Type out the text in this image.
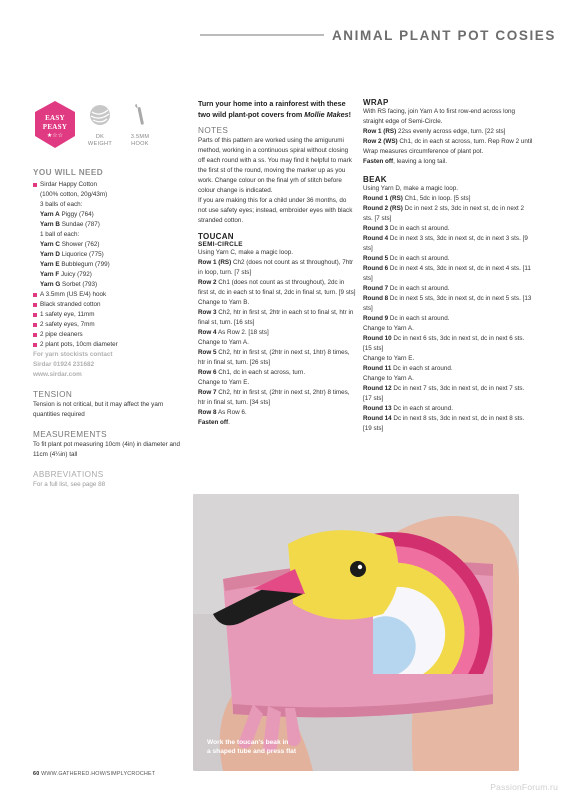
ANIMAL PLANT POT COSIES
EASY
PEASY
★☆☆	DK
WEIGHT
3.5MM
HOOK
YOU WILL NEED
Sirdar Happy Cotton
(100% cotton, 20g/43m)
3 balls of each:
Yarn A Piggy (764)
Yarn B Sundae (787)
1 ball of each:
Yarn C Shower (762)
Yarn D Liquorice (775)
Yarn E Bubblegum (799)
Yarn F Juicy (792)
Yarn G Sorbet (793)
A 3.5mm (US E/4) hook
Black stranded cotton
1 safety eye, 11mm
2 safety eyes, 7mm
2 pipe cleaners
2 plant pots, 10cm diameter
For yarn stockists contact
Sirdar 01924 231682
www.sirdar.com
TENSION

Tension is not critical, but it may affect the yarn quantities required

MEASUREMENTS

To fit plant pot measuring 10cm (4in) in diameter and 11cm (4¼in) tall

ABBREVIATIONS

For a full list, see page 88

Turn your home into a rainforest with these two wild plant-pot covers from Mollie Makes!

NOTES

Parts of this pattern are worked using the amigurumi method, working in a continuous spiral without closing off each round with a ss. You may find it helpful to mark the first st of the round, moving the marker up as you work. Change colour on the final yrh of stitch before colour change is indicated.

If you are making this for a child under 36 months, do not use safety eyes; instead, embroider eyes with black stranded cotton.

TOUCAN
SEMI-CIRCLE

Using Yarn C, make a magic loop.

Row 1 (RS) Ch2 (does not count as st throughout), 7htr in loop, turn. [7 sts]

Row 2 Ch1 (does not count as st throughout), 2dc in first st, dc in each st to final st, 2dc in final st, turn. [9 sts]

Change to Yarn B.

Row 3 Ch2, htr in first st, 2htr in each st to final st, htr in final st, turn. [16 sts]

Row 4 As Row 2. [18 sts]

Change to Yarn A.

Row 5 Ch2, htr in first st, (2htr in next st, 1htr) 8 times, htr in final st, turn. [26 sts]

Row 6 Ch1, dc in each st across, turn.

Change to Yarn E.

Row 7 Ch2, htr in first st, (2htr in next st, 2htr) 8 times, htr in final st, turn. [34 sts]

Row 8 As Row 6.

Fasten off.

WRAP

With RS facing, join Yarn A to first row-end across long straight edge of Semi-Circle.

Row 1 (RS) 22ss evenly across edge, turn. [22 sts]

Row 2 (WS) Ch1, dc in each st across, turn. Rep Row 2 until Wrap measures circumference of plant pot.

Fasten off, leaving a long tail.

BEAK

Using Yarn D, make a magic loop.

Round 1 (RS) Ch1, 5dc in loop. [5 sts]

Round 2 (RS) Dc in next 2 sts, 3dc in next st, dc in next 2 sts. [7 sts]

Round 3 Dc in each st around.

Round 4 Dc in next 3 sts, 3dc in next st, dc in next 3 sts. [9 sts]

Round 5 Dc in each st around.

Round 6 Dc in next 4 sts, 3dc in next st, dc in next 4 sts. [11 sts]

Round 7 Dc in each st around.

Round 8 Dc in next 5 sts, 3dc in next st, dc in next 5 sts. [13 sts]

Round 9 Dc in each st around.

Change to Yarn A.

Round 10 Dc in next 6 sts, 3dc in next st, dc in next 6 sts. [15 sts]

Change to Yarn E.

Round 11 Dc in each st around.

Change to Yarn A.

Round 12 Dc in next 7 sts, 3dc in next st, dc in next 7 sts. [17 sts]

Round 13 Dc in each st around.

Round 14 Dc in next 8 sts, 3dc in next st, dc in next 8 sts. [19 sts]

Work the toucan's beak in
a shaped tube and press flat
60 WWW.GATHERED.HOW/SIMPLYCROCHET
PassionForum.ru
